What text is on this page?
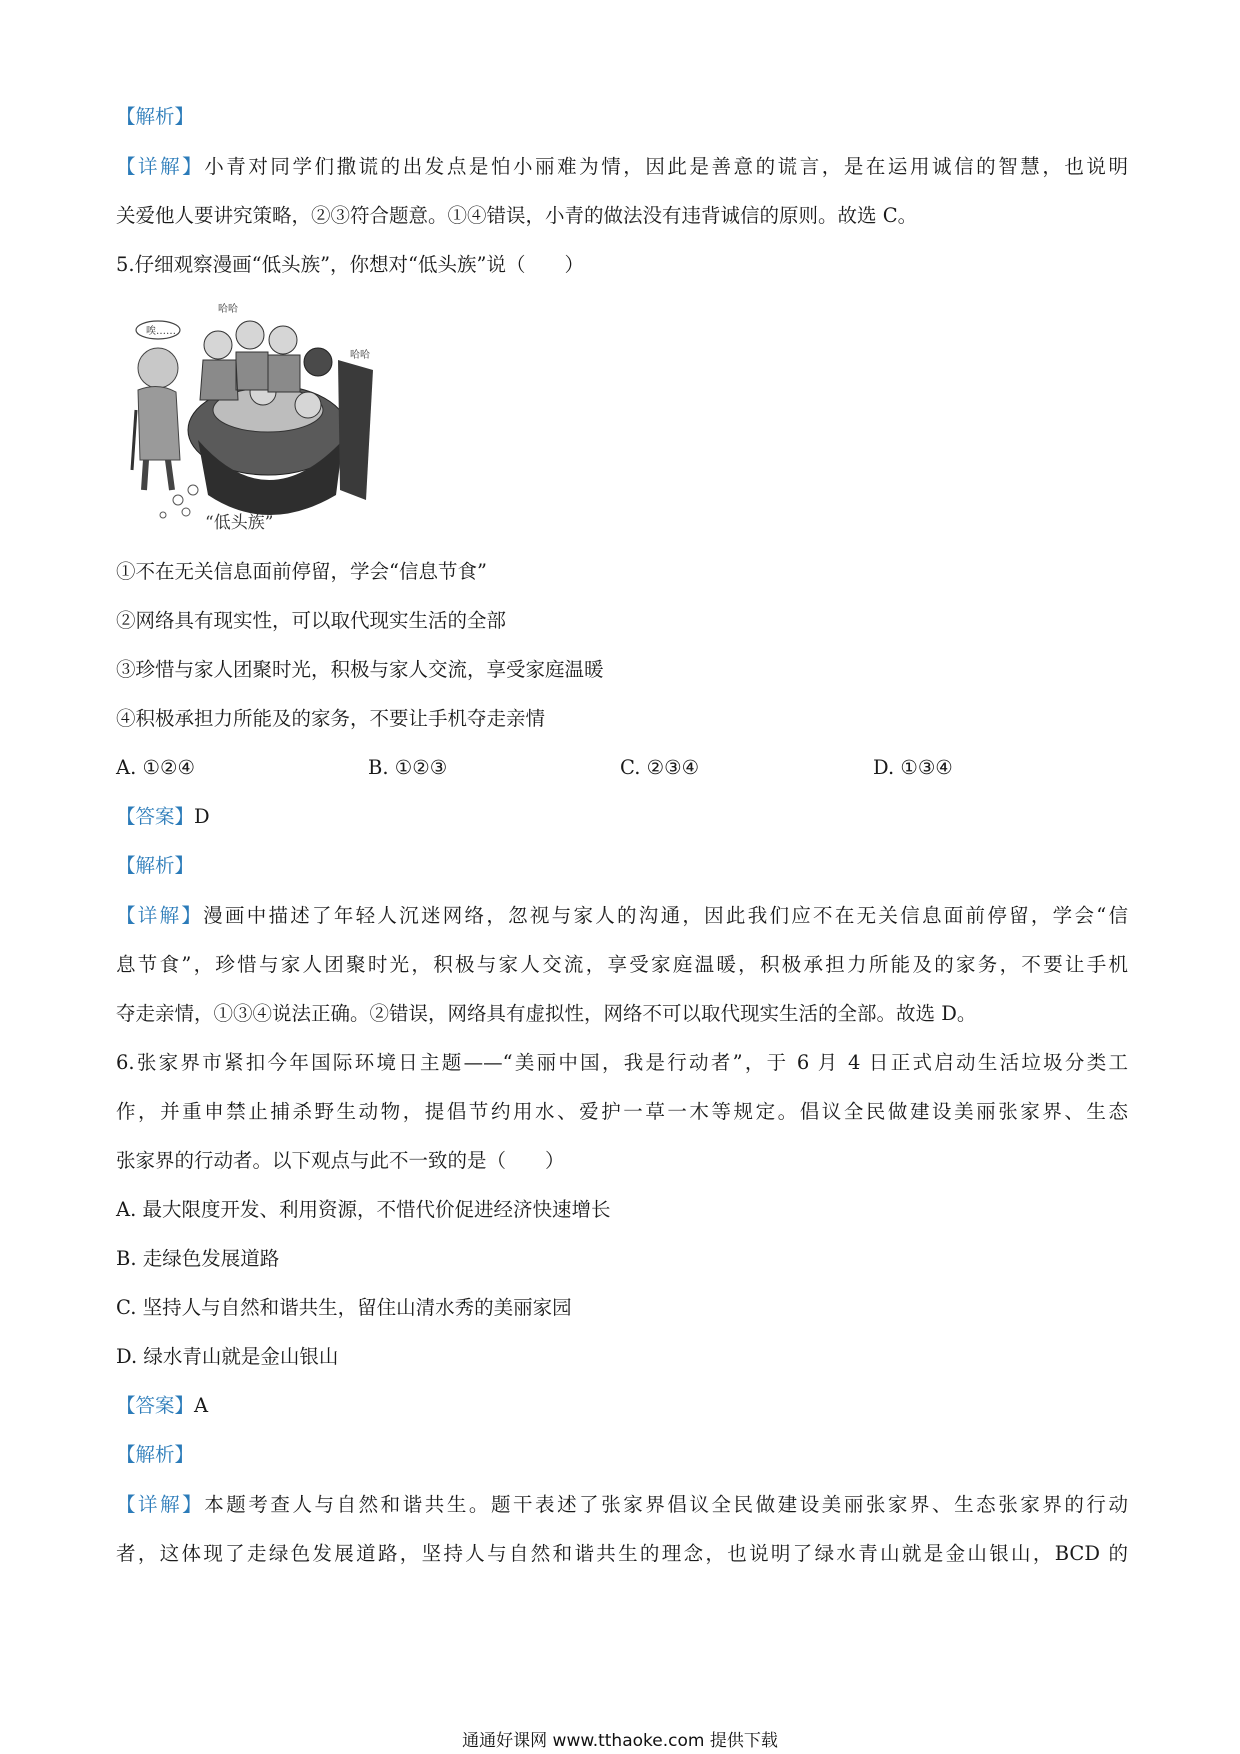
【解析】
【详解】小青对同学们撒谎的出发点是怕小丽难为情，因此是善意的谎言，是在运用诚信的智慧，也说明
关爱他人要讲究策略，②③符合题意。①④错误，小青的做法没有违背诚信的原则。故选 C。
5.仔细观察漫画“低头族”，你想对“低头族”说（　　）
唉……
哈哈
哈哈
“低头族”
①不在无关信息面前停留，学会“信息节食”
②网络具有现实性，可以取代现实生活的全部
③珍惜与家人团聚时光，积极与家人交流，享受家庭温暖
④积极承担力所能及的家务，不要让手机夺走亲情
A. ①②④	B. ①②③	C. ②③④	D. ①③④
【答案】D
【解析】
【详解】漫画中描述了年轻人沉迷网络，忽视与家人的沟通，因此我们应不在无关信息面前停留，学会“信
息节食”，珍惜与家人团聚时光，积极与家人交流，享受家庭温暖，积极承担力所能及的家务，不要让手机
夺走亲情，①③④说法正确。②错误，网络具有虚拟性，网络不可以取代现实生活的全部。故选 D。
6.张家界市紧扣今年国际环境日主题——“美丽中国，我是行动者”，于 6 月 4 日正式启动生活垃圾分类工
作，并重申禁止捕杀野生动物，提倡节约用水、爱护一草一木等规定。倡议全民做建设美丽张家界、生态
张家界的行动者。以下观点与此不一致的是（　　）
A. 最大限度开发、利用资源，不惜代价促进经济快速增长
B. 走绿色发展道路
C. 坚持人与自然和谐共生，留住山清水秀的美丽家园
D. 绿水青山就是金山银山
【答案】A
【解析】
【详解】本题考查人与自然和谐共生。题干表述了张家界倡议全民做建设美丽张家界、生态张家界的行动
者，这体现了走绿色发展道路，坚持人与自然和谐共生的理念，也说明了绿水青山就是金山银山，BCD 的
通通好课网 www.tthaoke.com 提供下载
